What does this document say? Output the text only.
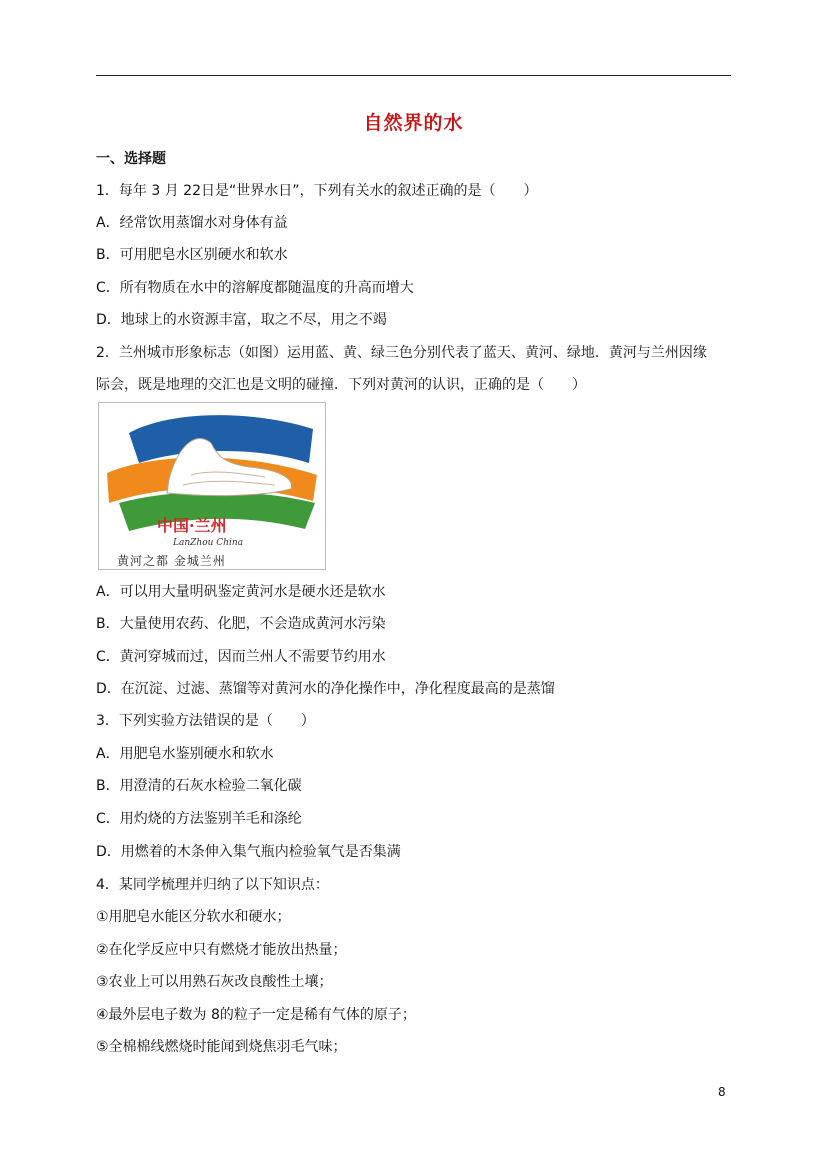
自然界的水
一、选择题
1．每年 3 月 22日是“世界水日”，下列有关水的叙述正确的是（　　）
A．经常饮用蒸馏水对身体有益
B．可用肥皂水区别硬水和软水
C．所有物质在水中的溶解度都随温度的升高而增大
D．地球上的水资源丰富，取之不尽，用之不竭
2．兰州城市形象标志（如图）运用蓝、黄、绿三色分别代表了蓝天、黄河、绿地．黄河与兰州因缘
际会，既是地理的交汇也是文明的碰撞．下列对黄河的认识，正确的是（　　）
中国·兰州
LanZhou China
黄河之都 金城兰州
A．可以用大量明矾鉴定黄河水是硬水还是软水
B．大量使用农药、化肥，不会造成黄河水污染
C．黄河穿城而过，因而兰州人不需要节约用水
D．在沉淀、过滤、蒸馏等对黄河水的净化操作中，净化程度最高的是蒸馏
3．下列实验方法错误的是（　　）
A．用肥皂水鉴别硬水和软水
B．用澄清的石灰水检验二氧化碳
C．用灼烧的方法鉴别羊毛和涤纶
D．用燃着的木条伸入集气瓶内检验氧气是否集满
4．某同学梳理并归纳了以下知识点：
①用肥皂水能区分软水和硬水；
②在化学反应中只有燃烧才能放出热量；
③农业上可以用熟石灰改良酸性土壤；
④最外层电子数为 8的粒子一定是稀有气体的原子；
⑤全棉棉线燃烧时能闻到烧焦羽毛气味；
8
